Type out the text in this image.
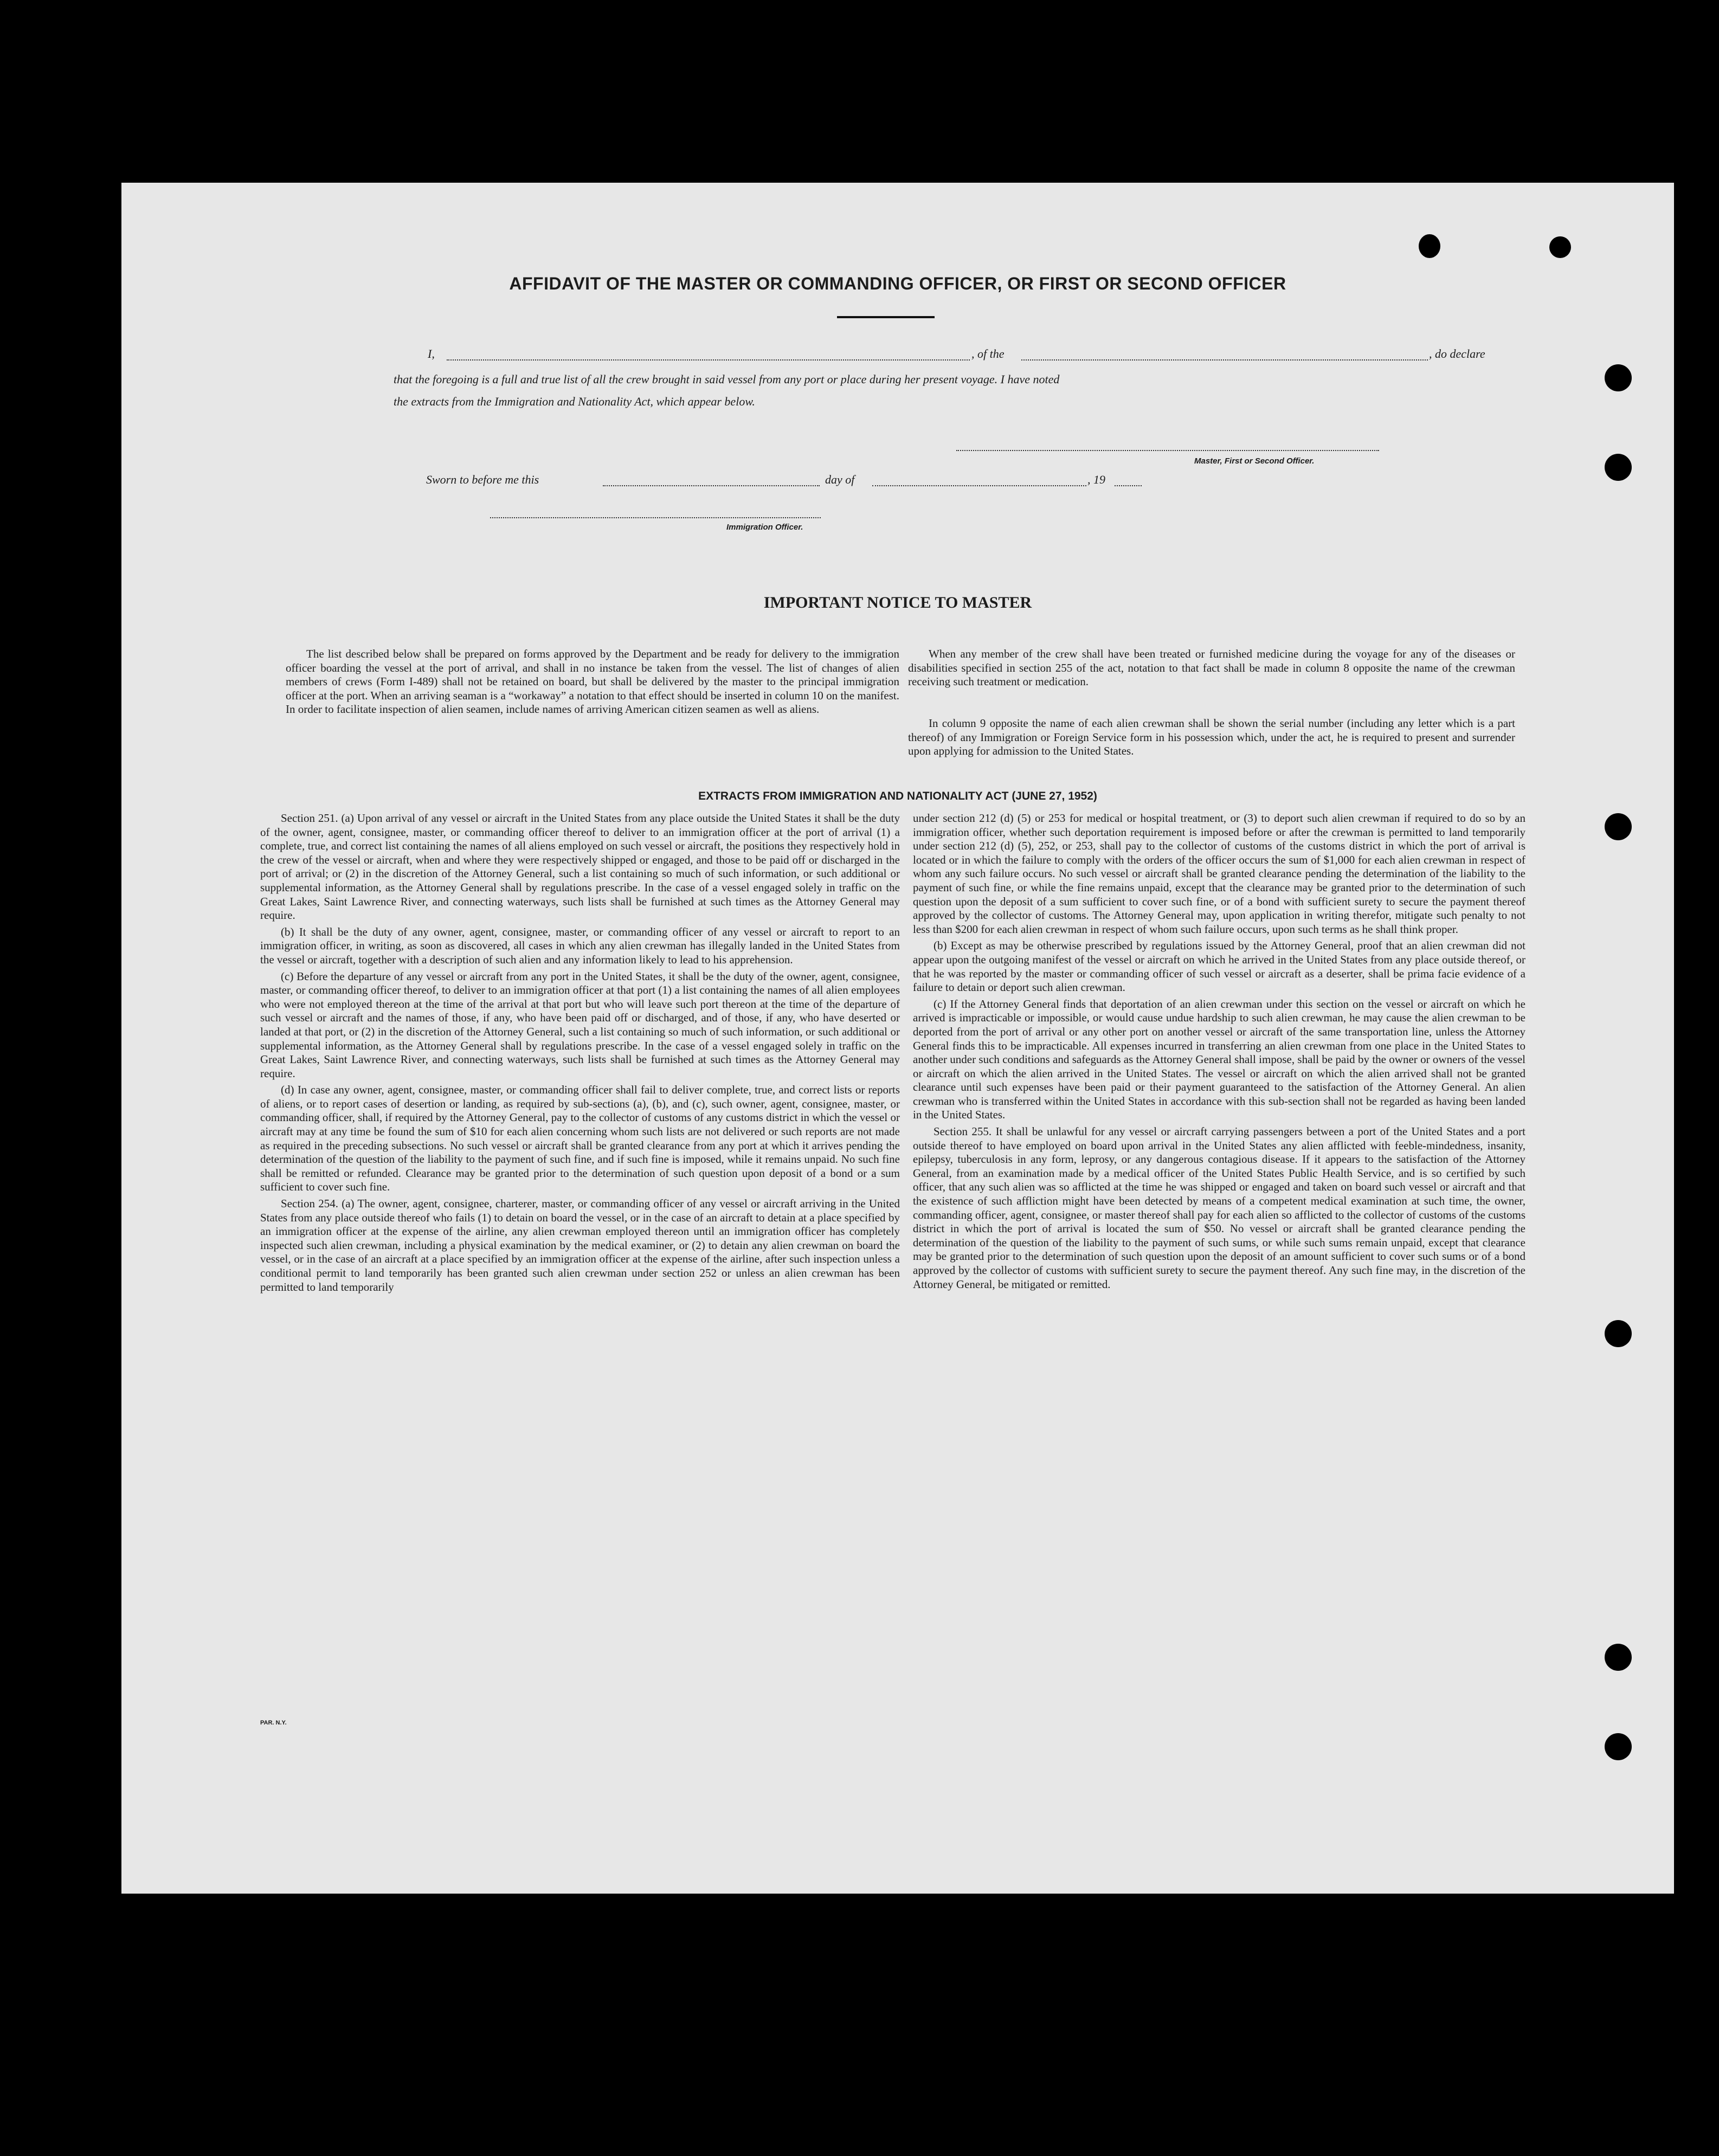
AFFIDAVIT OF THE MASTER OR COMMANDING OFFICER, OR FIRST OR SECOND OFFICER
I,	, of the	, do declare
that the foregoing is a full and true list of all the crew brought in said vessel from any port or place during her present voyage. I have noted
the extracts from the Immigration and Nationality Act, which appear below.
Master, First or Second Officer.
Sworn to before me this	day of	, 19
Immigration Officer.
IMPORTANT NOTICE TO MASTER

The list described below shall be prepared on forms approved by the Department and be ready for delivery to the immigration officer boarding the vessel at the port of arrival, and shall in no instance be taken from the vessel. The list of changes of alien members of crews (Form I-489) shall not be retained on board, but shall be delivered by the master to the principal immigration officer at the port. When an arriving seaman is a “workaway” a notation to that effect should be inserted in column 10 on the manifest. In order to facilitate inspection of alien seamen, include names of arriving American citizen seamen as well as aliens.

When any member of the crew shall have been treated or furnished medicine during the voyage for any of the diseases or disabilities specified in section 255 of the act, notation to that fact shall be made in column 8 opposite the name of the crewman receiving such treatment or medication.

In column 9 opposite the name of each alien crewman shall be shown the serial number (including any letter which is a part thereof) of any Immigration or Foreign Service form in his possession which, under the act, he is required to present and surrender upon applying for admission to the United States.

EXTRACTS FROM IMMIGRATION AND NATIONALITY ACT (JUNE 27, 1952)

Section 251. (a) Upon arrival of any vessel or aircraft in the United States from any place outside the United States it shall be the duty of the owner, agent, consignee, master, or commanding officer thereof to deliver to an immigration officer at the port of arrival (1) a complete, true, and correct list containing the names of all aliens employed on such vessel or aircraft, the positions they respectively hold in the crew of the vessel or aircraft, when and where they were respectively shipped or engaged, and those to be paid off or discharged in the port of arrival; or (2) in the discretion of the Attorney General, such a list containing so much of such information, or such additional or supplemental information, as the Attorney General shall by regulations prescribe. In the case of a vessel engaged solely in traffic on the Great Lakes, Saint Lawrence River, and connecting waterways, such lists shall be furnished at such times as the Attorney General may require.

(b) It shall be the duty of any owner, agent, consignee, master, or commanding officer of any vessel or aircraft to report to an immigration officer, in writing, as soon as discovered, all cases in which any alien crewman has illegally landed in the United States from the vessel or aircraft, together with a description of such alien and any information likely to lead to his apprehension.

(c) Before the departure of any vessel or aircraft from any port in the United States, it shall be the duty of the owner, agent, consignee, master, or commanding officer thereof, to deliver to an immigration officer at that port (1) a list containing the names of all alien employees who were not employed thereon at the time of the arrival at that port but who will leave such port thereon at the time of the departure of such vessel or aircraft and the names of those, if any, who have been paid off or discharged, and of those, if any, who have deserted or landed at that port, or (2) in the discretion of the Attorney General, such a list containing so much of such information, or such additional or supplemental information, as the Attorney General shall by regulations prescribe. In the case of a vessel engaged solely in traffic on the Great Lakes, Saint Lawrence River, and connecting waterways, such lists shall be furnished at such times as the Attorney General may require.

(d) In case any owner, agent, consignee, master, or commanding officer shall fail to deliver complete, true, and correct lists or reports of aliens, or to report cases of desertion or landing, as required by sub-sections (a), (b), and (c), such owner, agent, consignee, master, or commanding officer, shall, if required by the Attorney General, pay to the collector of customs of any customs district in which the vessel or aircraft may at any time be found the sum of $10 for each alien concerning whom such lists are not delivered or such reports are not made as required in the preceding subsections. No such vessel or aircraft shall be granted clearance from any port at which it arrives pending the determination of the question of the liability to the payment of such fine, and if such fine is imposed, while it remains unpaid. No such fine shall be remitted or refunded. Clearance may be granted prior to the determination of such question upon deposit of a bond or a sum sufficient to cover such fine.

Section 254. (a) The owner, agent, consignee, charterer, master, or commanding officer of any vessel or aircraft arriving in the United States from any place outside thereof who fails (1) to detain on board the vessel, or in the case of an aircraft to detain at a place specified by an immigration officer at the expense of the airline, any alien crewman employed thereon until an immigration officer has completely inspected such alien crewman, including a physical examination by the medical examiner, or (2) to detain any alien crewman on board the vessel, or in the case of an aircraft at a place specified by an immigration officer at the expense of the airline, after such inspection unless a conditional permit to land temporarily has been granted such alien crewman under section 252 or unless an alien crewman has been permitted to land temporarily

under section 212 (d) (5) or 253 for medical or hospital treatment, or (3) to deport such alien crewman if required to do so by an immigration officer, whether such deportation requirement is imposed before or after the crewman is permitted to land temporarily under section 212 (d) (5), 252, or 253, shall pay to the collector of customs of the customs district in which the port of arrival is located or in which the failure to comply with the orders of the officer occurs the sum of $1,000 for each alien crewman in respect of whom any such failure occurs. No such vessel or aircraft shall be granted clearance pending the determination of the liability to the payment of such fine, or while the fine remains unpaid, except that the clearance may be granted prior to the determination of such question upon the deposit of a sum sufficient to cover such fine, or of a bond with sufficient surety to secure the payment thereof approved by the collector of customs. The Attorney General may, upon application in writing therefor, mitigate such penalty to not less than $200 for each alien crewman in respect of whom such failure occurs, upon such terms as he shall think proper.

(b) Except as may be otherwise prescribed by regulations issued by the Attorney General, proof that an alien crewman did not appear upon the outgoing manifest of the vessel or aircraft on which he arrived in the United States from any place outside thereof, or that he was reported by the master or commanding officer of such vessel or aircraft as a deserter, shall be prima facie evidence of a failure to detain or deport such alien crewman.

(c) If the Attorney General finds that deportation of an alien crewman under this section on the vessel or aircraft on which he arrived is impracticable or impossible, or would cause undue hardship to such alien crewman, he may cause the alien crewman to be deported from the port of arrival or any other port on another vessel or aircraft of the same transportation line, unless the Attorney General finds this to be impracticable. All expenses incurred in transferring an alien crewman from one place in the United States to another under such conditions and safeguards as the Attorney General shall impose, shall be paid by the owner or owners of the vessel or aircraft on which the alien arrived in the United States. The vessel or aircraft on which the alien arrived shall not be granted clearance until such expenses have been paid or their payment guaranteed to the satisfaction of the Attorney General. An alien crewman who is transferred within the United States in accordance with this sub-section shall not be regarded as having been landed in the United States.

Section 255. It shall be unlawful for any vessel or aircraft carrying passengers between a port of the United States and a port outside thereof to have employed on board upon arrival in the United States any alien afflicted with feeble-mindedness, insanity, epilepsy, tuberculosis in any form, leprosy, or any dangerous contagious disease. If it appears to the satisfaction of the Attorney General, from an examination made by a medical officer of the United States Public Health Service, and is so certified by such officer, that any such alien was so afflicted at the time he was shipped or engaged and taken on board such vessel or aircraft and that the existence of such affliction might have been detected by means of a competent medical examination at such time, the owner, commanding officer, agent, consignee, or master thereof shall pay for each alien so afflicted to the collector of customs of the customs district in which the port of arrival is located the sum of $50. No vessel or aircraft shall be granted clearance pending the determination of the question of the liability to the payment of such sums, or while such sums remain unpaid, except that clearance may be granted prior to the determination of such question upon the deposit of an amount sufficient to cover such sums or of a bond approved by the collector of customs with sufficient surety to secure the payment thereof. Any such fine may, in the discretion of the Attorney General, be mitigated or remitted.

PAR. N.Y.
